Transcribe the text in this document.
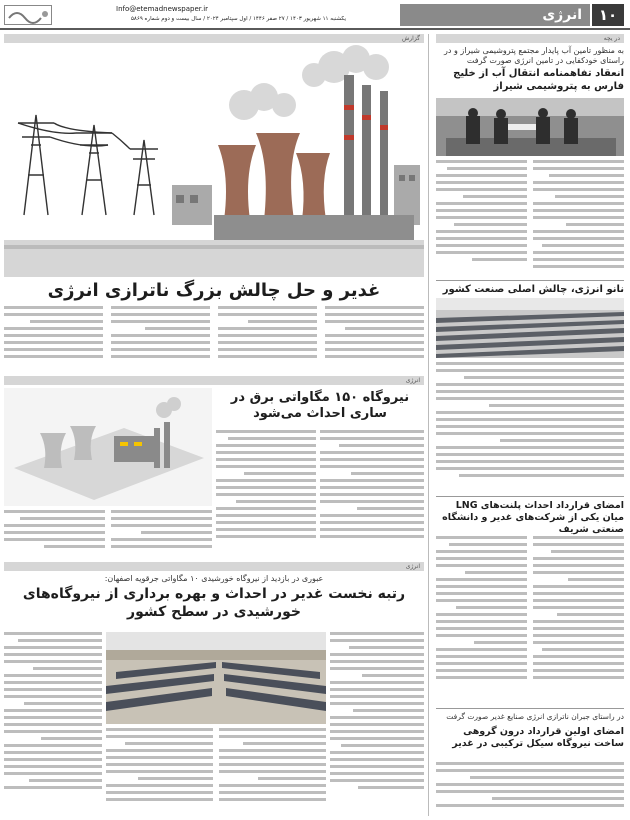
۱۰
انرژی
Info@etemadnewspaper.ir
یکشنبه ۱۱ شهریور ۱۴۰۳ / ۲۷ صفر ۱۴۴۶ / اول سپتامبر ۲۰۲۴ / سال بیست و دوم شماره ۵۸۶۹
در یچه
به منظور تامین آب پایدار مجتمع پتروشیمی شیراز و در راستای خودکفایی در تامین انرژی صورت گرفت
انعقاد تفاهمنامه انتقال آب از خلیج فارس به پتروشیمی شیراز
نانو انرژی، چالش اصلی صنعت کشور
امضای قرارداد احداث پلنت‌های LNG میان یکی از شرکت‌های غدیر و دانشگاه صنعتی شریف
در راستای جبران ناترازی انرژی صنایع غدیر صورت گرفت
امضای اولین قرارداد درون گروهی ساخت نیروگاه سیکل ترکیبی در غدیر
گزارش
غدیر و حل چالش بزرگ ناترازی انرژی
انرژی
نیروگاه ۱۵۰ مگاواتی برق در ساری احداث می‌شود
انرژی
عبوری در بازدید از نیروگاه خورشیدی ۱۰ مگاواتی جرقویه اصفهان:
رتبه نخست غدیر در احداث و بهره برداری از نیروگاه‌های خورشیدی در سطح کشور
